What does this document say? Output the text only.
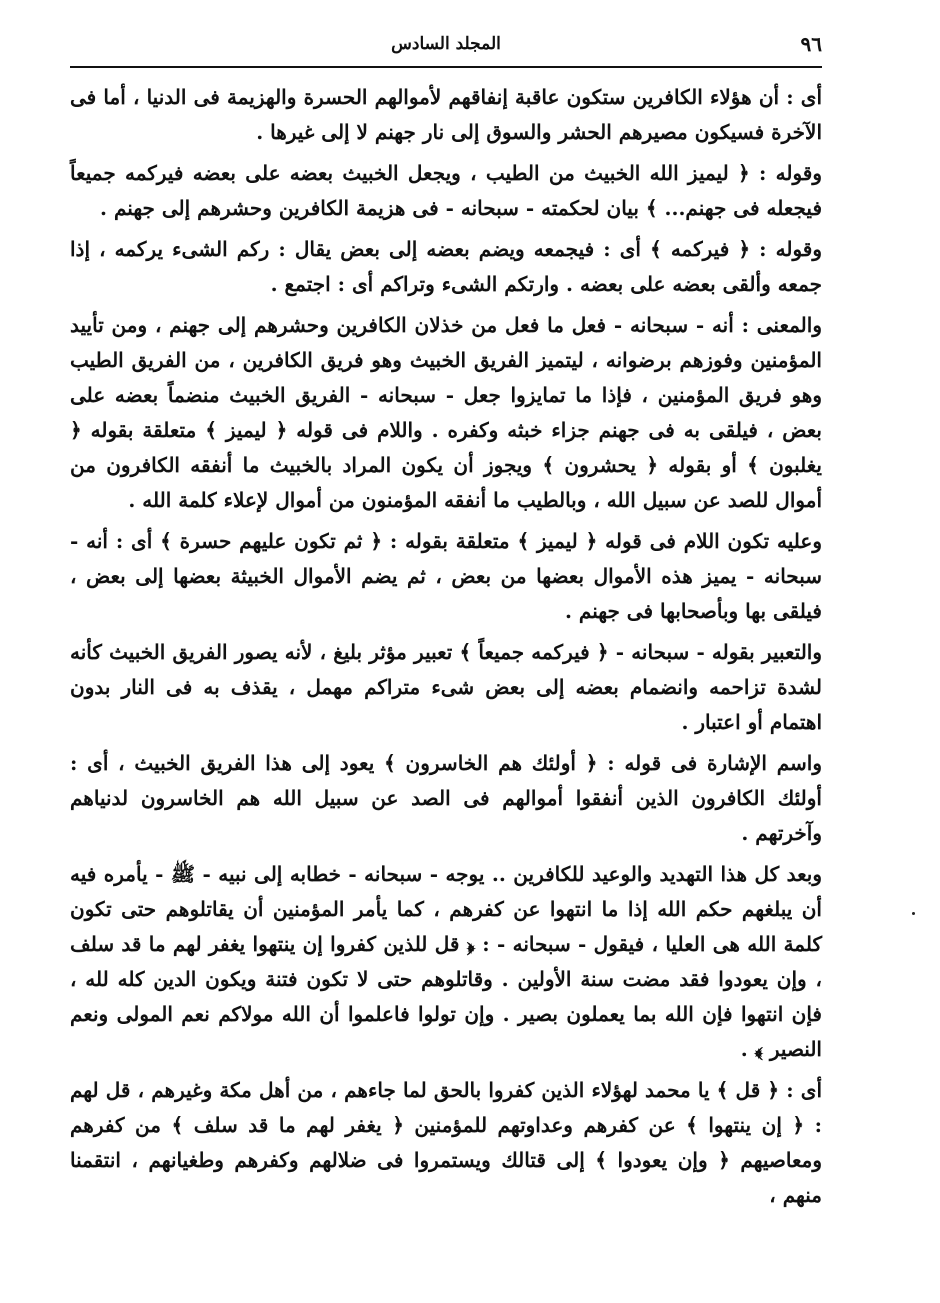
٩٦
المجلد السادس

أى : أن هؤلاء الكافرين ستكون عاقبة إنفاقهم لأموالهم الحسرة والهزيمة فى الدنيا ، أما فى الآخرة فسيكون مصيرهم الحشر والسوق إلى نار جهنم لا إلى غيرها .

وقوله : ﴿ ليميز الله الخبيث من الطيب ، ويجعل الخبيث بعضه على بعضه فيركمه جميعاً فيجعله فى جهنم... ﴾ بيان لحكمته - سبحانه - فى هزيمة الكافرين وحشرهم إلى جهنم .

وقوله : ﴿ فيركمه ﴾ أى : فيجمعه ويضم بعضه إلى بعض يقال : ركم الشىء يركمه ، إذا جمعه وألقى بعضه على بعضه . وارتكم الشىء وتراكم أى : اجتمع .

والمعنى : أنه - سبحانه - فعل ما فعل من خذلان الكافرين وحشرهم إلى جهنم ، ومن تأييد المؤمنين وفوزهم برضوانه ، ليتميز الفريق الخبيث وهو فريق الكافرين ، من الفريق الطيب وهو فريق المؤمنين ، فإذا ما تمايزوا جعل - سبحانه - الفريق الخبيث منضماً بعضه على بعض ، فيلقى به فى جهنم جزاء خبثه وكفره . واللام فى قوله ﴿ ليميز ﴾ متعلقة بقوله ﴿ يغلبون ﴾ أو بقوله ﴿ يحشرون ﴾ ويجوز أن يكون المراد بالخبيث ما أنفقه الكافرون من أموال للصد عن سبيل الله ، وبالطيب ما أنفقه المؤمنون من أموال لإعلاء كلمة الله .

وعليه تكون اللام فى قوله ﴿ ليميز ﴾ متعلقة بقوله : ﴿ ثم تكون عليهم حسرة ﴾ أى : أنه - سبحانه - يميز هذه الأموال بعضها من بعض ، ثم يضم الأموال الخبيثة بعضها إلى بعض ، فيلقى بها وبأصحابها فى جهنم .

والتعبير بقوله - سبحانه - ﴿ فيركمه جميعاً ﴾ تعبير مؤثر بليغ ، لأنه يصور الفريق الخبيث كأنه لشدة تزاحمه وانضمام بعضه إلى بعض شىء متراكم مهمل ، يقذف به فى النار بدون اهتمام أو اعتبار .

واسم الإشارة فى قوله : ﴿ أولئك هم الخاسرون ﴾ يعود إلى هذا الفريق الخبيث ، أى : أولئك الكافرون الذين أنفقوا أموالهم فى الصد عن سبيل الله هم الخاسرون لدنياهم وآخرتهم .

وبعد كل هذا التهديد والوعيد للكافرين .. يوجه - سبحانه - خطابه إلى نبيه - ﷺ - يأمره فيه أن يبلغهم حكم الله إذا ما انتهوا عن كفرهم ، كما يأمر المؤمنين أن يقاتلوهم حتى تكون كلمة الله هى العليا ، فيقول - سبحانه - : ﴿ قل للذين كفروا إن ينتهوا يغفر لهم ما قد سلف ، وإن يعودوا فقد مضت سنة الأولين . وقاتلوهم حتى لا تكون فتنة ويكون الدين كله لله ، فإن انتهوا فإن الله بما يعملون بصير . وإن تولوا فاعلموا أن الله مولاكم نعم المولى ونعم النصير ﴾ .

أى : ﴿ قل ﴾ يا محمد لهؤلاء الذين كفروا بالحق لما جاءهم ، من أهل مكة وغيرهم ، قل لهم : ﴿ إن ينتهوا ﴾ عن كفرهم وعداوتهم للمؤمنين ﴿ يغفر لهم ما قد سلف ﴾ من كفرهم ومعاصيهم ﴿ وإن يعودوا ﴾ إلى قتالك ويستمروا فى ضلالهم وكفرهم وطغيانهم ، انتقمنا منهم ،
